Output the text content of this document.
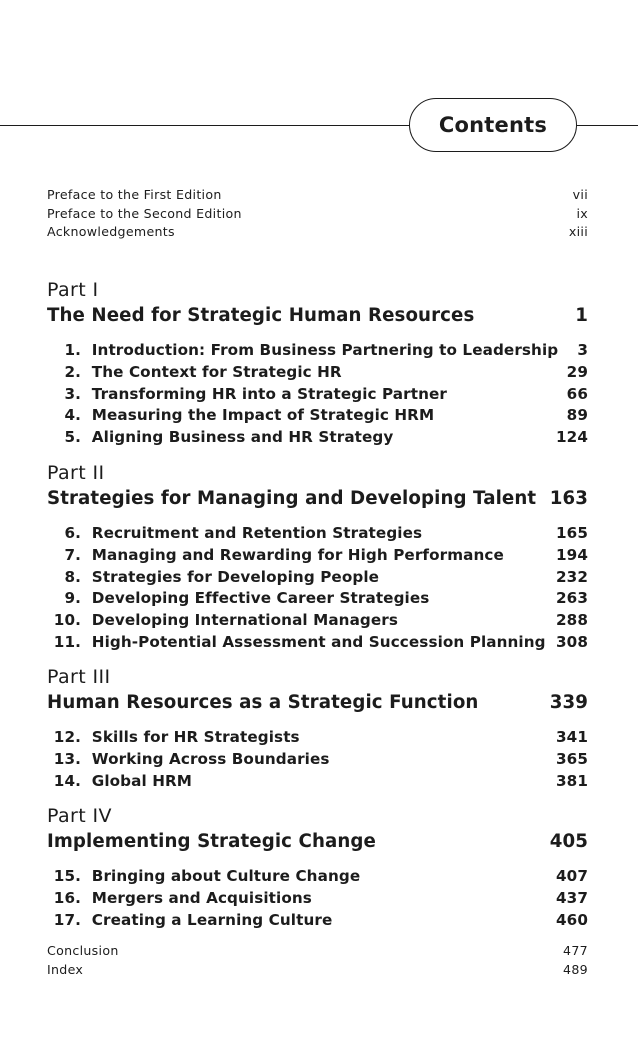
Contents
Preface to the First Edition	vii
Preface to the Second Edition	ix
Acknowledgements	xiii
Part I
The Need for Strategic Human Resources	1
1.
Introduction: From Business Partnering to Leadership 3
2.
The Context for Strategic HR	29
3.
Transforming HR into a Strategic Partner	66
4.
Measuring the Impact of Strategic HRM	89
5.
Aligning Business and HR Strategy	124
Part II
Strategies for Managing and Developing Talent 163
6.
Recruitment and Retention Strategies	165
7.
Managing and Rewarding for High Performance	194
8.
Strategies for Developing People	232
9.
Developing Effective Career Strategies	263
10.
Developing International Managers	288
11.
High-Potential Assessment and Succession Planning 308
Part III
Human Resources as a Strategic Function	339
12.
Skills for HR Strategists	341
13.
Working Across Boundaries	365
14.
Global HRM	381
Part IV
Implementing Strategic Change	405
15.
Bringing about Culture Change	407
16.
Mergers and Acquisitions	437
17.
Creating a Learning Culture	460
Conclusion	477
Index	489
